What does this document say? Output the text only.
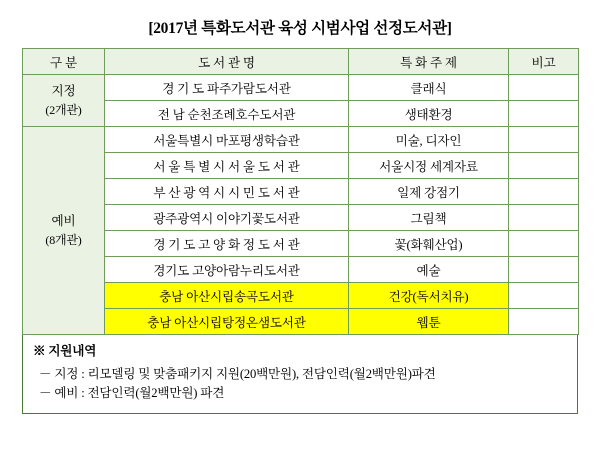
[2017년 특화도서관 육성 시범사업 선정도서관]
구 분	도 서 관 명	특 화 주 제	비고

지정
(2개관)	경 기 도 파주가람도서관	클래식	
	전 남 순천조례호수도서관	생태환경	

예비
(8개관)	서울특별시 마포평생학습관	미술, 디자인	
	서 울 특 별 시 서 울 도 서 관	서울시정 세계자료	
	부 산 광 역 시 시 민 도 서 관	일제 강점기	
	광주광역시 이야기꽃도서관	그림책	
	경 기 도 고 양 화 정 도 서 관	꽃(화훼산업)	
	경기도 고양아람누리도서관	예술	
	충남 아산시립송곡도서관	건강(독서치유)	
	충남 아산시립탕정온샘도서관	웹툰	
※ 지원내역
－ 지정 : 리모델링 및 맞춤패키지 지원(20백만원), 전담인력(월2백만원)파견
－ 예비 : 전담인력(월2백만원) 파견
